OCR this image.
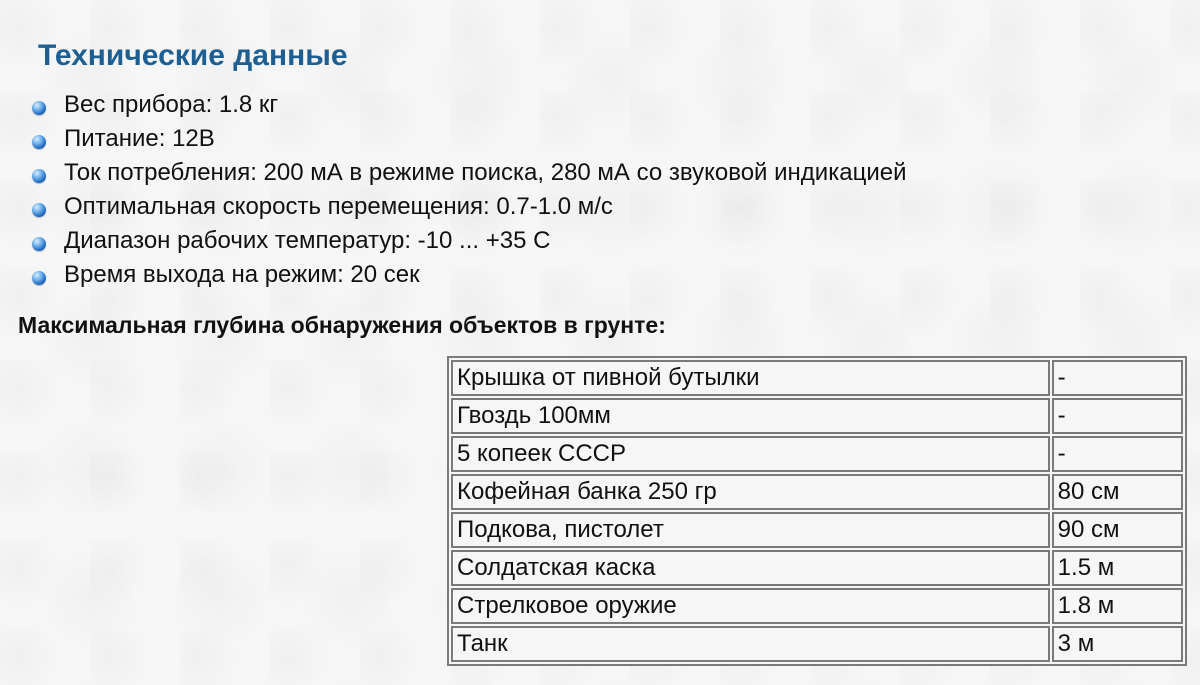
Технические данные
Вес прибора: 1.8 кг
Питание: 12В
Ток потребления: 200 мА в режиме поиска, 280 мА со звуковой индикацией
Оптимальная скорость перемещения: 0.7-1.0 м/с
Диапазон рабочих температур: -10 ... +35 С
Время выхода на режим: 20 сек
Максимальная глубина обнаружения объектов в грунте:
Крышка от пивной бутылки	-
Гвоздь 100мм	-
5 копеек СССР	-
Кофейная банка 250 гр	80 см
Подкова, пистолет	90 см
Солдатская каска	1.5 м
Стрелковое оружие	1.8 м
Танк	3 м
